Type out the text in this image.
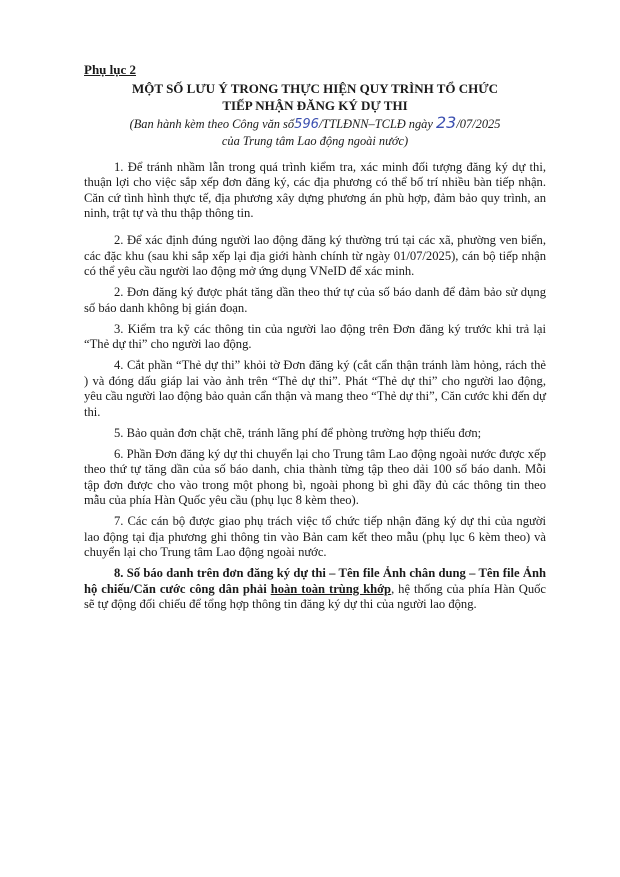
Phụ lục 2
MỘT SỐ LƯU Ý TRONG THỰC HIỆN QUY TRÌNH TỔ CHỨC
TIẾP NHẬN ĐĂNG KÝ DỰ THI
(Ban hành kèm theo Công văn số596/TTLĐNN–TCLĐ ngày 23/07/2025
của Trung tâm Lao động ngoài nước)

1. Để tránh nhầm lẫn trong quá trình kiểm tra, xác minh đối tượng đăng ký dự thi, thuận lợi cho việc sắp xếp đơn đăng ký, các địa phương có thể bố trí nhiều bàn tiếp nhận. Căn cứ tình hình thực tế, địa phương xây dựng phương án phù hợp, đảm bảo quy trình, an ninh, trật tự và thu thập thông tin.

2. Để xác định đúng người lao động đăng ký thường trú tại các xã, phường ven biển, các đặc khu (sau khi sắp xếp lại địa giới hành chính từ ngày 01/07/2025), cán bộ tiếp nhận có thể yêu cầu người lao động mở ứng dụng VNeID để xác minh.

2. Đơn đăng ký được phát tăng dần theo thứ tự của số báo danh để đảm bảo sử dụng số báo danh không bị gián đoạn.

3. Kiểm tra kỹ các thông tin của người lao động trên Đơn đăng ký trước khi trả lại “Thẻ dự thi” cho người lao động.

4. Cắt phần “Thẻ dự thi” khỏi tờ Đơn đăng ký (cắt cẩn thận tránh làm hỏng, rách thẻ ) và đóng dấu giáp lai vào ảnh trên “Thẻ dự thi”. Phát “Thẻ dự thi” cho người lao động, yêu cầu người lao động bảo quản cẩn thận và mang theo “Thẻ dự thi”, Căn cước khi đến dự thi.

5. Bảo quản đơn chặt chẽ, tránh lãng phí để phòng trường hợp thiếu đơn;

6. Phần Đơn đăng ký dự thi chuyển lại cho Trung tâm Lao động ngoài nước được xếp theo thứ tự tăng dần của số báo danh, chia thành từng tập theo dải 100 số báo danh. Mỗi tập đơn được cho vào trong một phong bì, ngoài phong bì ghi đầy đủ các thông tin theo mẫu của phía Hàn Quốc yêu cầu (phụ lục 8 kèm theo).

7. Các cán bộ được giao phụ trách việc tổ chức tiếp nhận đăng ký dự thi của người lao động tại địa phương ghi thông tin vào Bản cam kết theo mẫu (phụ lục 6 kèm theo) và chuyển lại cho Trung tâm Lao động ngoài nước.

8. Số báo danh trên đơn đăng ký dự thi – Tên file Ảnh chân dung – Tên file Ảnh hộ chiếu/Căn cước công dân phải hoàn toàn trùng khớp, hệ thống của phía Hàn Quốc sẽ tự động đối chiếu để tổng hợp thông tin đăng ký dự thi của người lao động.
